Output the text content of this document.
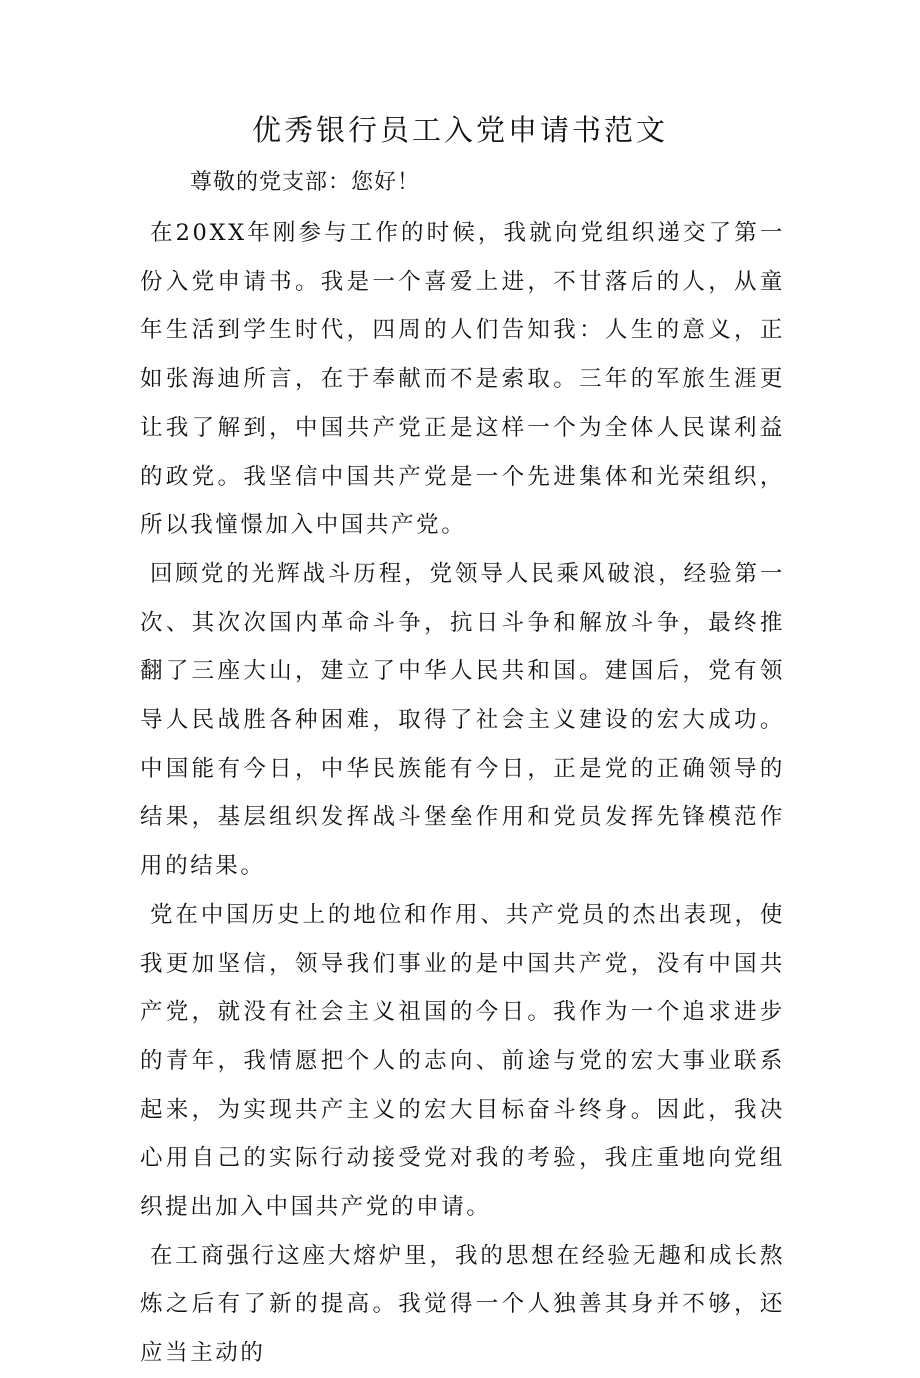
优秀银行员工入党申请书范文

尊敬的党支部：您好！

在20XX年刚参与工作的时候，我就向党组织递交了第一份入党申请书。我是一个喜爱上进，不甘落后的人，从童年生活到学生时代，四周的人们告知我：人生的意义，正如张海迪所言，在于奉献而不是索取。三年的军旅生涯更让我了解到，中国共产党正是这样一个为全体人民谋利益的政党。我坚信中国共产党是一个先进集体和光荣组织，所以我憧憬加入中国共产党。

回顾党的光辉战斗历程，党领导人民乘风破浪，经验第一次、其次次国内革命斗争，抗日斗争和解放斗争，最终推翻了三座大山，建立了中华人民共和国。建国后，党有领导人民战胜各种困难，取得了社会主义建设的宏大成功。中国能有今日，中华民族能有今日，正是党的正确领导的结果，基层组织发挥战斗堡垒作用和党员发挥先锋模范作用的结果。

党在中国历史上的地位和作用、共产党员的杰出表现，使我更加坚信，领导我们事业的是中国共产党，没有中国共产党，就没有社会主义祖国的今日。我作为一个追求进步的青年，我情愿把个人的志向、前途与党的宏大事业联系起来，为实现共产主义的宏大目标奋斗终身。因此，我决心用自己的实际行动接受党对我的考验，我庄重地向党组织提出加入中国共产党的申请。

在工商强行这座大熔炉里，我的思想在经验无趣和成长熬炼之后有了新的提高。我觉得一个人独善其身并不够，还应当主动的
